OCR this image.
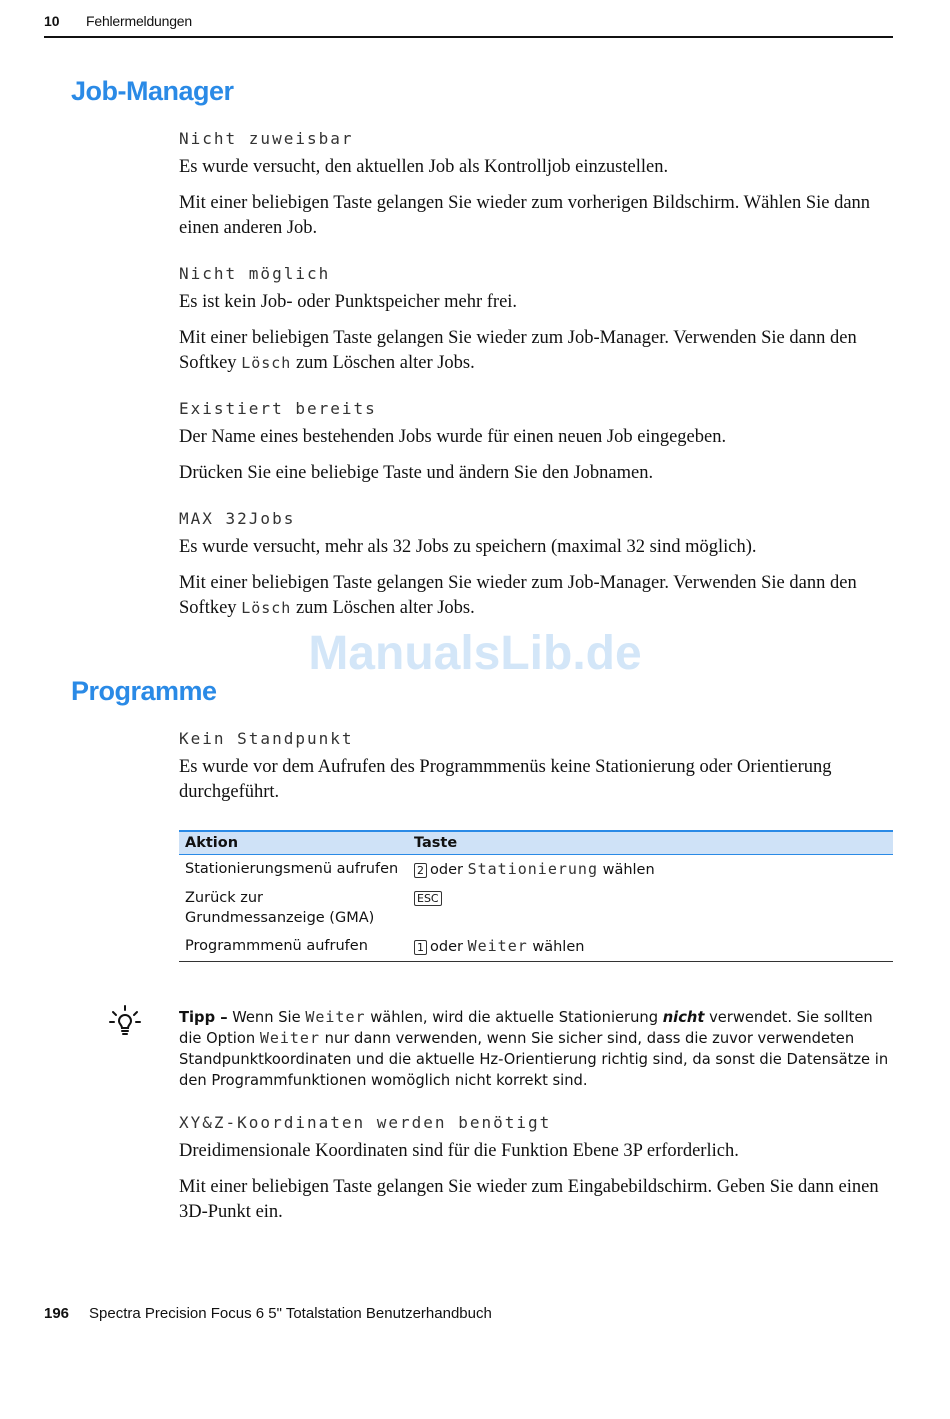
10 Fehlermeldungen
Job-Manager

Nicht zuweisbar

Es wurde versucht, den aktuellen Job als Kontrolljob einzustellen.

Mit einer beliebigen Taste gelangen Sie wieder zum vorherigen Bildschirm. Wählen Sie dann einen anderen Job.

Nicht möglich

Es ist kein Job- oder Punktspeicher mehr frei.

Mit einer beliebigen Taste gelangen Sie wieder zum Job-Manager. Verwenden Sie dann den Softkey Lösch zum Löschen alter Jobs.

Existiert bereits

Der Name eines bestehenden Jobs wurde für einen neuen Job eingegeben.

Drücken Sie eine beliebige Taste und ändern Sie den Jobnamen.

MAX 32Jobs

Es wurde versucht, mehr als 32 Jobs zu speichern (maximal 32 sind möglich).

Mit einer beliebigen Taste gelangen Sie wieder zum Job-Manager. Verwenden Sie dann den Softkey Lösch zum Löschen alter Jobs.

ManualsLib.de
Programme

Kein Standpunkt

Es wurde vor dem Aufrufen des Programmmenüs keine Stationierung oder Orientierung durchgeführt.

Aktion	Taste
Stationierungsmenü aufrufen	2 oder Stationierung wählen
Zurück zur Grundmessanzeige (GMA)	ESC
Programmmenü aufrufen	1 oder Weiter wählen
Tipp – Wenn Sie Weiter wählen, wird die aktuelle Stationierung nicht verwendet. Sie sollten die Option Weiter nur dann verwenden, wenn Sie sicher sind, dass die zuvor verwendeten Standpunktkoordinaten und die aktuelle Hz-Orientierung richtig sind, da sonst die Datensätze in den Programmfunktionen womöglich nicht korrekt sind.

XY&Z-Koordinaten werden benötigt

Dreidimensionale Koordinaten sind für die Funktion Ebene 3P erforderlich.

Mit einer beliebigen Taste gelangen Sie wieder zum Eingabebildschirm. Geben Sie dann einen 3D-Punkt ein.

196 Spectra Precision Focus 6 5" Totalstation Benutzerhandbuch
